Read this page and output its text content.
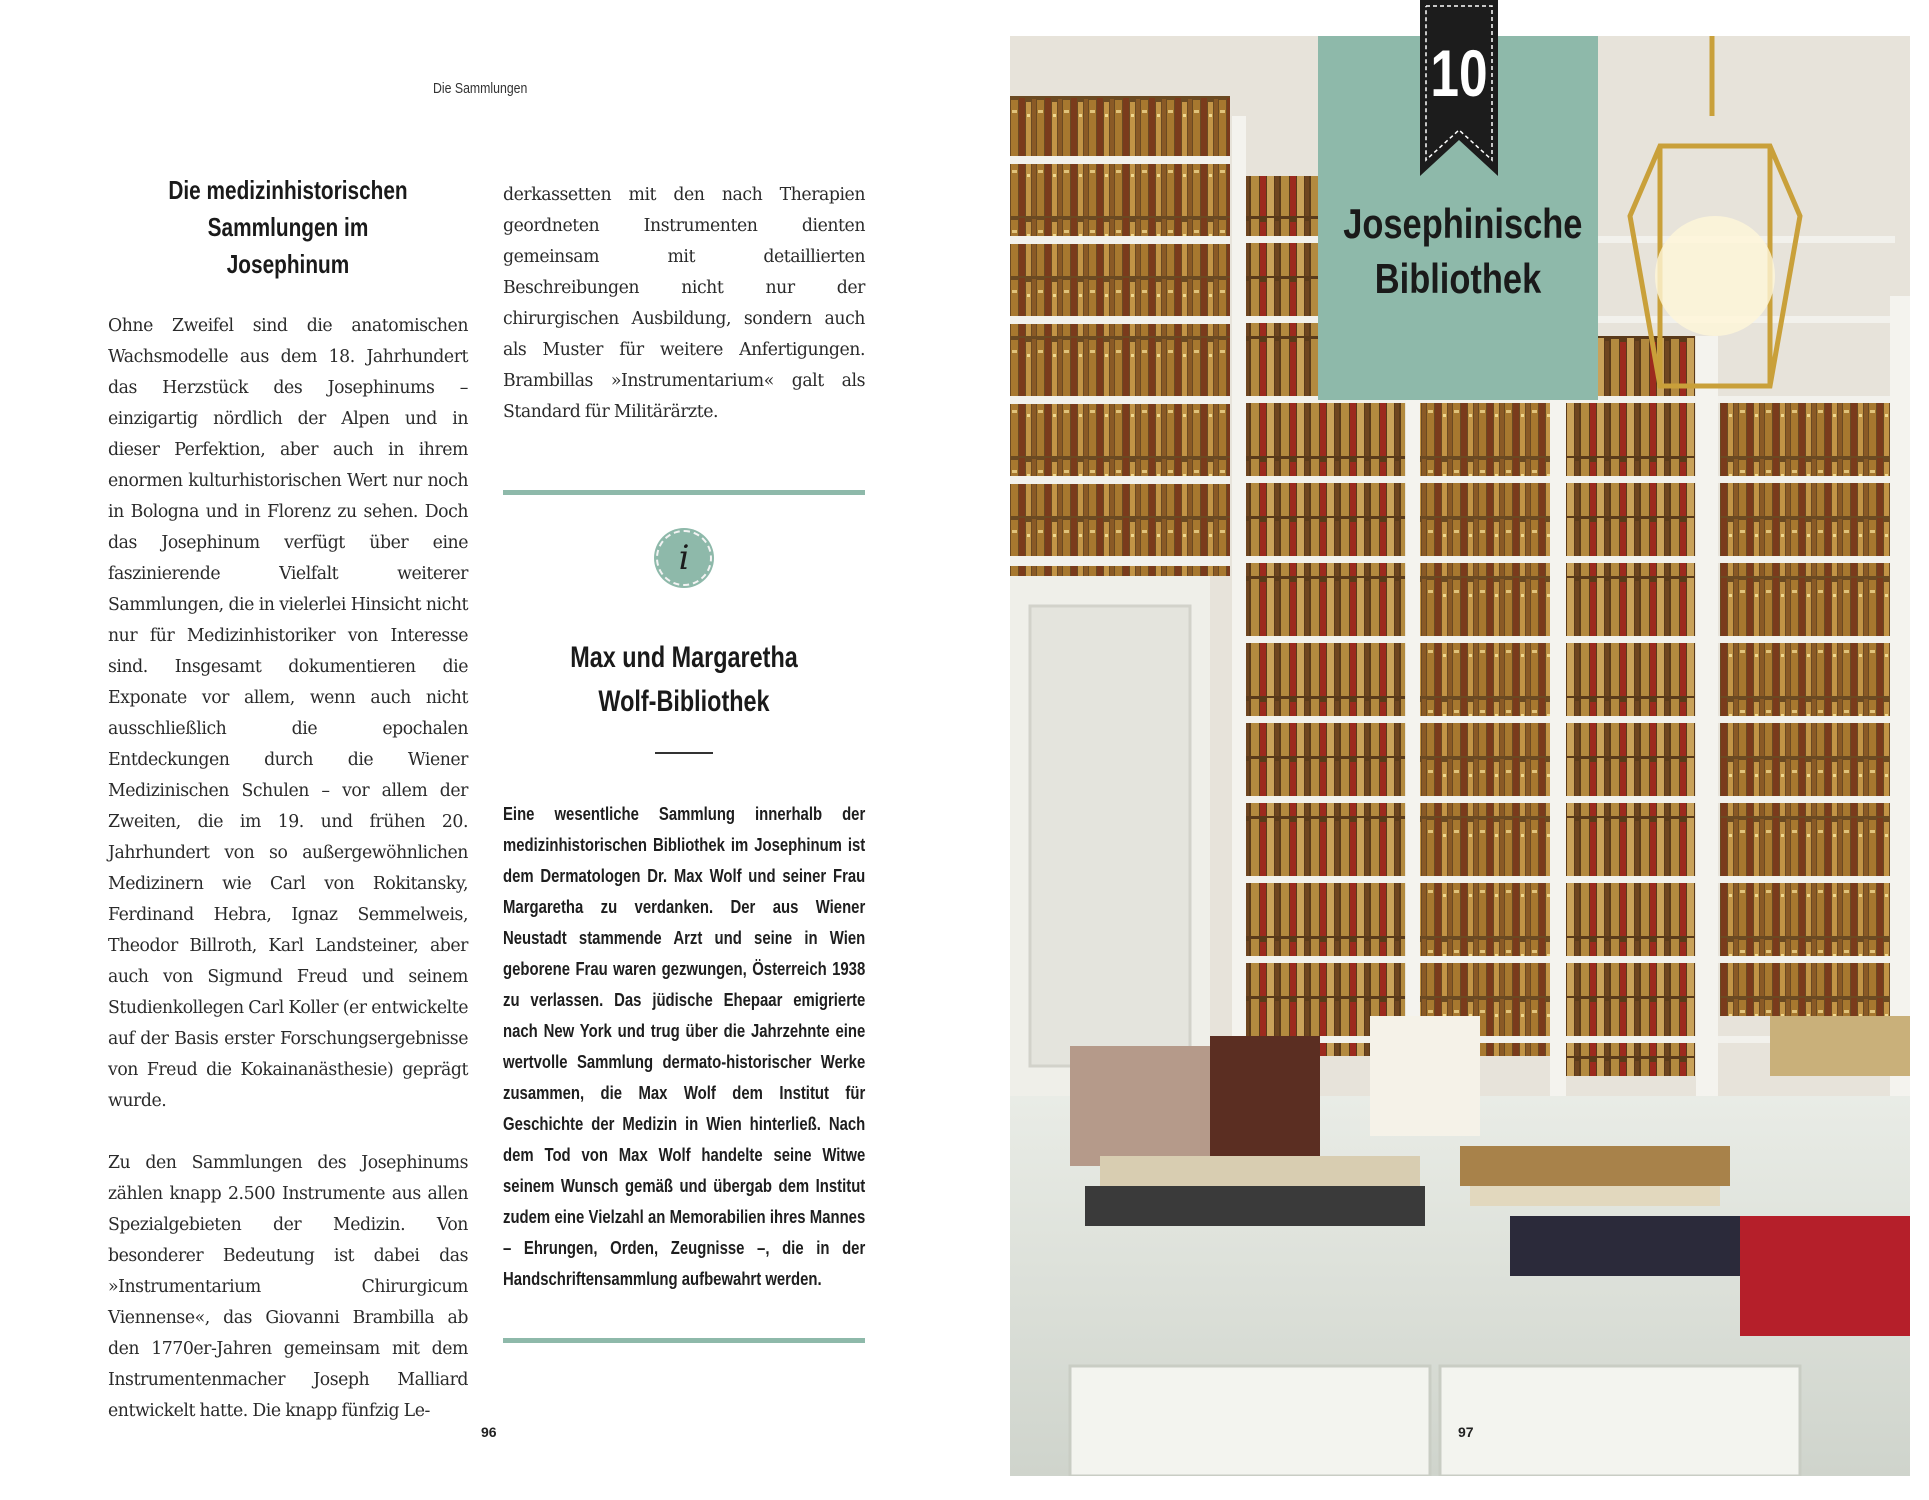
Die Sammlungen
Die medizinhistorischen
Sammlungen im Josephinum

Ohne Zweifel sind die anatomischen Wachsmodelle aus dem 18. Jahrhundert das Herzstück des Josephinums – einzigartig nördlich der Alpen und in dieser Perfektion, aber auch in ihrem enormen kulturhistorischen Wert nur noch in Bologna und in Florenz zu sehen. Doch das Josephinum verfügt über eine faszinierende Vielfalt weiterer Sammlungen, die in vielerlei Hinsicht nicht nur für Medizinhistoriker von Interesse sind. Insgesamt dokumentieren die Exponate vor allem, wenn auch nicht ausschließlich die epochalen Entdeckungen durch die Wiener Medizinischen Schulen – vor allem der Zweiten, die im 19. und frühen 20. Jahrhundert von so außergewöhnlichen Medizinern wie Carl von Rokitansky, Ferdinand Hebra, Ignaz Semmelweis, Theodor Billroth, Karl Landsteiner, aber auch von Sigmund Freud und seinem Studienkollegen Carl Koller (er entwickelte auf der Basis erster Forschungsergebnisse von Freud die Kokainanästhesie) geprägt wurde.

Zu den Sammlungen des Josephinums zählen knapp 2.500 Instrumente aus allen Spezialgebieten der Medizin. Von besonderer Bedeutung ist dabei das »Instrumentarium Chirurgicum Viennense«, das Giovanni Brambilla ab den 1770er-Jahren gemeinsam mit dem Instrumentenmacher Joseph Malliard entwickelt hatte. Die knapp fünfzig Le-

derkassetten mit den nach Therapien geordneten Instrumenten dienten gemeinsam mit detaillierten Beschreibungen nicht nur der chirurgischen Ausbildung, sondern auch als Muster für weitere Anfertigungen. Brambillas »Instrumentarium« galt als Standard für Militärärzte.

i
Max und Margaretha
Wolf-Bibliothek

Eine wesentliche Sammlung innerhalb der medizinhistorischen Bibliothek im Josephinum ist dem Dermatologen Dr. Max Wolf und seiner Frau Margaretha zu verdanken. Der aus Wiener Neustadt stammende Arzt und seine in Wien geborene Frau waren gezwungen, Österreich 1938 zu verlassen. Das jüdische Ehepaar emigrierte nach New York und trug über die Jahrzehnte eine wertvolle Sammlung dermato-historischer Werke zusammen, die Max Wolf dem Institut für Geschichte der Medizin in Wien hinterließ. Nach dem Tod von Max Wolf handelte seine Witwe seinem Wunsch gemäß und übergab dem Institut zudem eine Vielzahl an Memorabilien ihres Mannes – Ehrungen, Orden, Zeugnisse –, die in der Handschriftensammlung aufbewahrt werden.

96
10
Josephinische
Bibliothek
97
